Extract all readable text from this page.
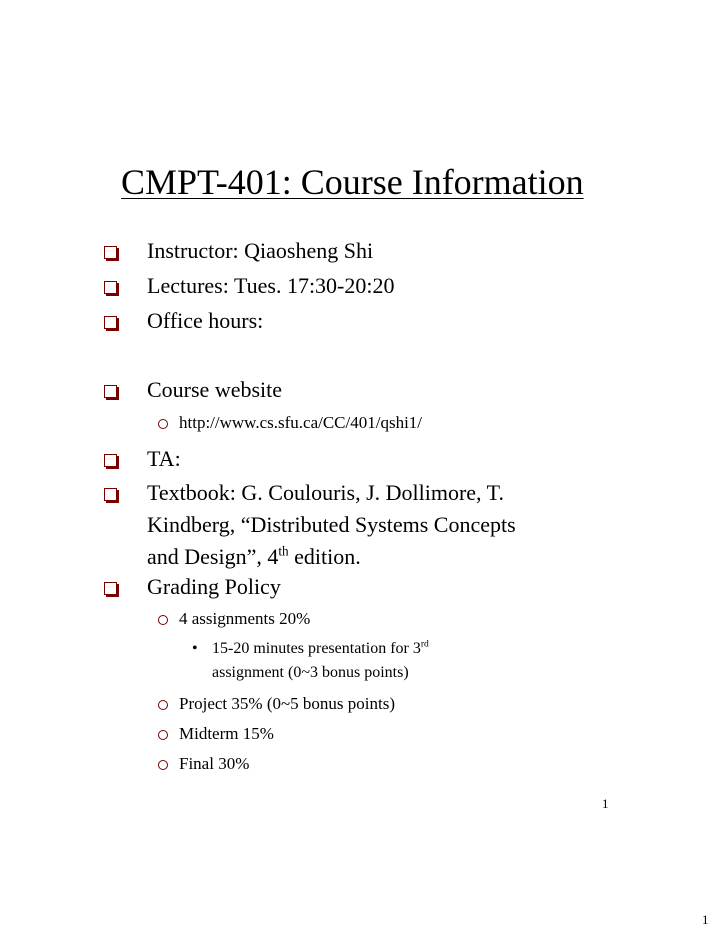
CMPT-401: Course Information
Instructor: Qiaosheng Shi
Lectures: Tues. 17:30-20:20
Office hours:
Course website
http://www.cs.sfu.ca/CC/401/qshi1/
TA:
Textbook: G. Coulouris, J. Dollimore, T.
Kindberg, “Distributed Systems Concepts
and Design”, 4th edition.
Grading Policy
4 assignments 20%
• 15-20 minutes presentation for 3rd
assignment (0~3 bonus points)
Project 35% (0~5 bonus points)
Midterm 15%
Final 30%
1
1
